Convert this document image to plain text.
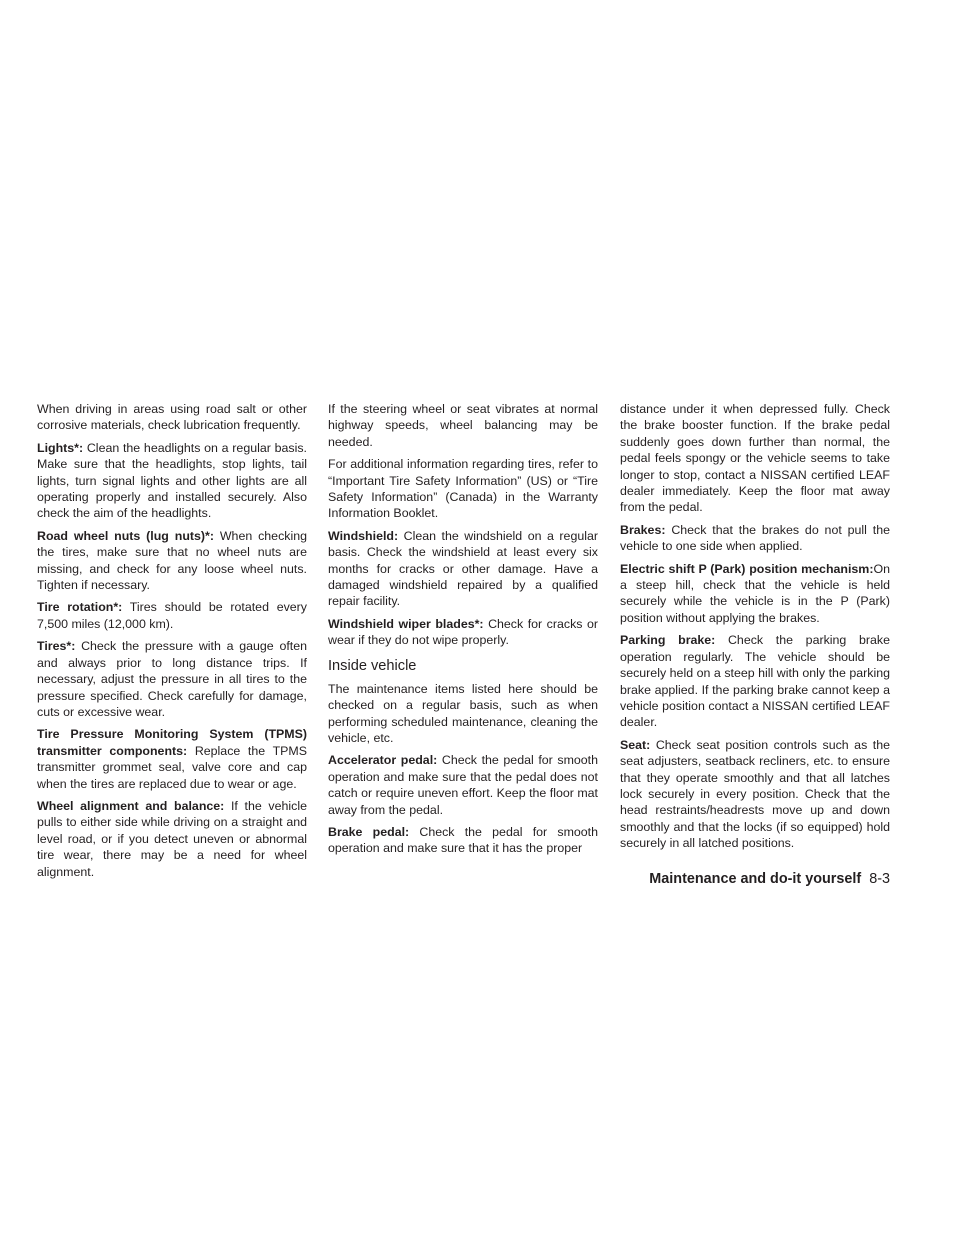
When driving in areas using road salt or other corrosive materials, check lubrication frequently.

Lights*: Clean the headlights on a regular basis. Make sure that the headlights, stop lights, tail lights, turn signal lights and other lights are all operating properly and installed securely. Also check the aim of the headlights.

Road wheel nuts (lug nuts)*: When checking the tires, make sure that no wheel nuts are missing, and check for any loose wheel nuts. Tighten if necessary.

Tire rotation*: Tires should be rotated every 7,500 miles (12,000 km).

Tires*: Check the pressure with a gauge often and always prior to long distance trips. If necessary, adjust the pressure in all tires to the pressure specified. Check carefully for damage, cuts or excessive wear.

Tire Pressure Monitoring System (TPMS) transmitter components: Replace the TPMS transmitter grommet seal, valve core and cap when the tires are replaced due to wear or age.

Wheel alignment and balance: If the vehicle pulls to either side while driving on a straight and level road, or if you detect uneven or abnormal tire wear, there may be a need for wheel alignment.

If the steering wheel or seat vibrates at normal highway speeds, wheel balancing may be needed.

For additional information regarding tires, refer to “Important Tire Safety Information” (US) or “Tire Safety Information” (Canada) in the Warranty Information Booklet.

Windshield: Clean the windshield on a regular basis. Check the windshield at least every six months for cracks or other damage. Have a damaged windshield repaired by a qualified repair facility.

Windshield wiper blades*: Check for cracks or wear if they do not wipe properly.

Inside vehicle

The maintenance items listed here should be checked on a regular basis, such as when performing scheduled maintenance, cleaning the vehicle, etc.

Accelerator pedal: Check the pedal for smooth operation and make sure that the pedal does not catch or require uneven effort. Keep the floor mat away from the pedal.

Brake pedal: Check the pedal for smooth operation and make sure that it has the proper

distance under it when depressed fully. Check the brake booster function. If the brake pedal suddenly goes down further than normal, the pedal feels spongy or the vehicle seems to take longer to stop, contact a NISSAN certified LEAF dealer immediately. Keep the floor mat away from the pedal.

Brakes: Check that the brakes do not pull the vehicle to one side when applied.

Electric shift P (Park) position mechanism:On a steep hill, check that the vehicle is held securely while the vehicle is in the P (Park) position without applying the brakes.

Parking brake: Check the parking brake operation regularly. The vehicle should be securely held on a steep hill with only the parking brake applied. If the parking brake cannot keep a vehicle position contact a NISSAN certified LEAF dealer.

Seat: Check seat position controls such as the seat adjusters, seatback recliners, etc. to ensure that they operate smoothly and that all latches lock securely in every position. Check that the head restraints/headrests move up and down smoothly and that the locks (if so equipped) hold securely in all latched positions.

Maintenance and do-it yourself 8-3
